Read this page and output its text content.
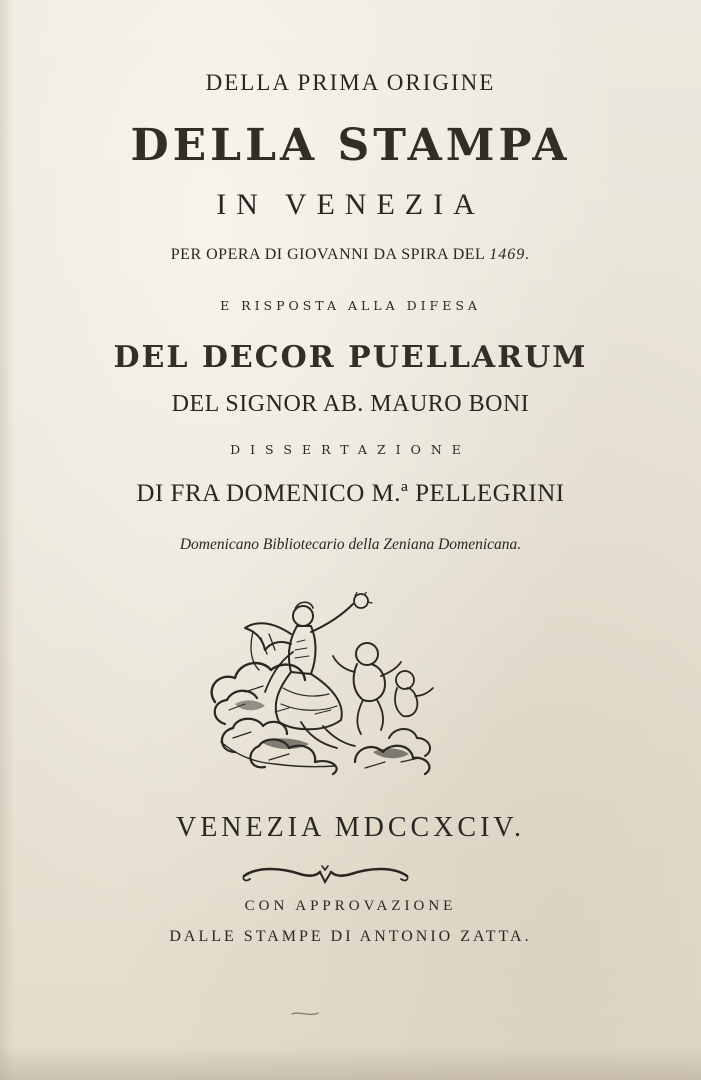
DELLA PRIMA ORIGINE
DELLA STAMPA
IN VENEZIA
PER OPERA DI GIOVANNI DA SPIRA DEL 1469.
E RISPOSTA ALLA DIFESA
DEL DECOR PUELLARUM
DEL SIGNOR AB. MAURO BONI
DISSERTAZIONE
DI FRA DOMENICO M.ª PELLEGRINI
Domenicano Bibliotecario della Zeniana Domenicana.
VENEZIA MDCCXCIV.
CON APPROVAZIONE
DALLE STAMPE DI ANTONIO ZATTA.
